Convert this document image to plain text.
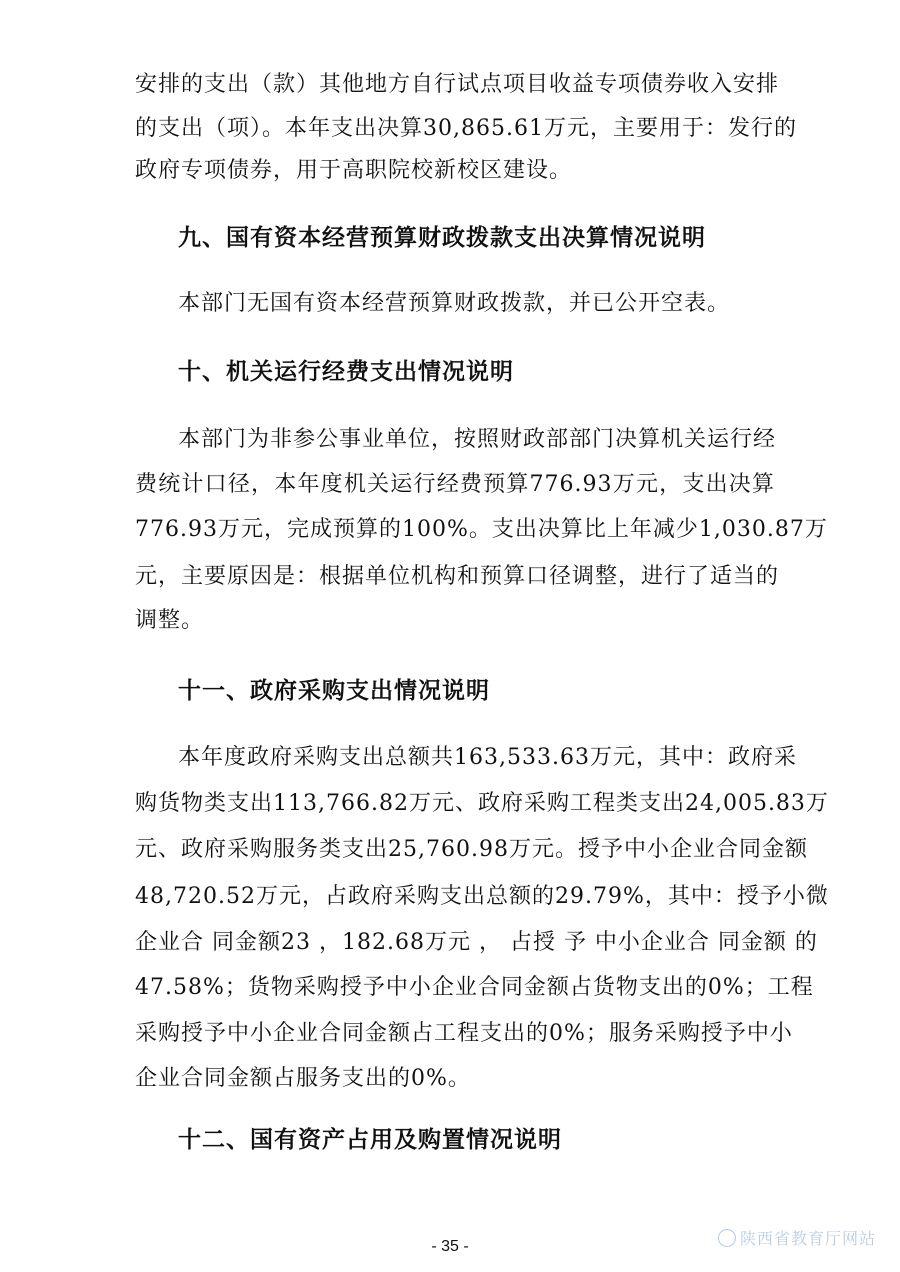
安排的支出（款）其他地方自行试点项目收益专项债券收入安排
的支出（项）。本年支出决算30,865.61万元，主要用于：发行的
政府专项债券，用于高职院校新校区建设。
九、国有资本经营预算财政拨款支出决算情况说明
本部门无国有资本经营预算财政拨款，并已公开空表。
十、机关运行经费支出情况说明
本部门为非参公事业单位，按照财政部部门决算机关运行经
费统计口径，本年度机关运行经费预算776.93万元，支出决算
776.93万元，完成预算的100%。支出决算比上年减少1,030.87万
元，主要原因是：根据单位机构和预算口径调整，进行了适当的
调整。
十一、政府采购支出情况说明
本年度政府采购支出总额共163,533.63万元，其中：政府采
购货物类支出113,766.82万元、政府采购工程类支出24,005.83万
元、政府采购服务类支出25,760.98万元。授予中小企业合同金额
48,720.52万元，占政府采购支出总额的29.79%，其中：授予小微
企业合 同金额23 ，182.68万元 ， 占授 予 中小企业合 同金额 的
47.58%；货物采购授予中小企业合同金额占货物支出的0%；工程
采购授予中小企业合同金额占工程支出的0%；服务采购授予中小
企业合同金额占服务支出的0%。
十二、国有资产占用及购置情况说明
陕西省教育厅网站
- 35 -
